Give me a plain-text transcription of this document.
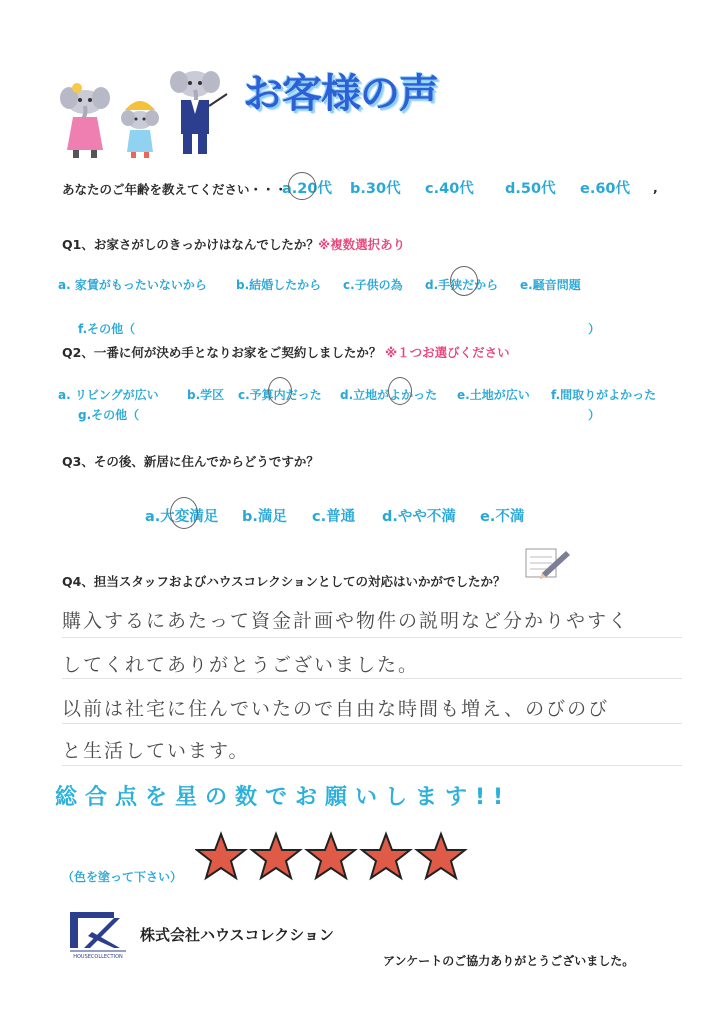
お客様の声
あなたのご年齢を教えてください・・・
a.20代 b.30代 c.40代 d.50代 e.60代 ,
Q1、お家さがしのきっかけはなんでしたか？ ※複数選択あり
a. 家賃がもったいないから b.結婚したから c.子供の為 d.手狭だから e.騒音問題
f.その他（	）
Q2、一番に何が決め手となりお家をご契約しましたか？ ※１つお選びください
a. リビングが広い b.学区 c.予算内だった d.立地がよかった e.土地が広い f.間取りがよかった
g.その他（	）
Q3、その後、新居に住んでからどうですか？
a.大変満足 b.満足 c.普通 d.やや不満 e.不満
Q4、担当スタッフおよびハウスコレクションとしての対応はいかがでしたか？
購入するにあたって資金計画や物件の説明など分かりやすく
してくれてありがとうございました。
以前は社宅に住んでいたので自由な時間も増え、のびのび
と生活しています。
総合点を星の数でお願いします!!
（色を塗って下さい）
HOUSECOLLECTION
株式会社ハウスコレクション
アンケートのご協力ありがとうございました。
